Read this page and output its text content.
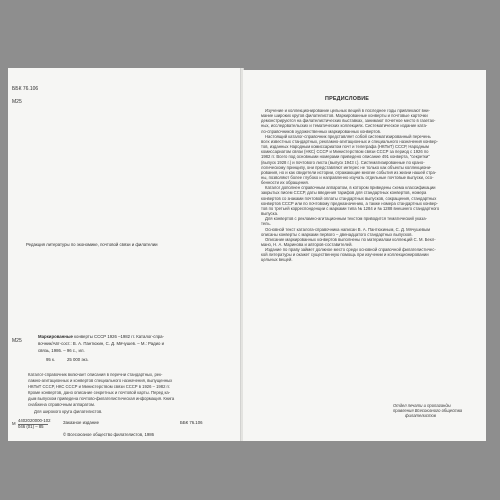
ББК 76.106
М25
Редакция литературы по экономике, почтовой связи и филателии
М25
Маркированные конверты СССР 1926 –1982 гг. Каталог-спра-
вочник/Авт-сост.: В. А. Пантюхин, С. Д. Мячушев. – М.: Радио и
связь, 1986. – 96 с., ил.
95 к.          25 000 экз.
Каталог-справочник включает описания в перечни стандартных, рек-
ламно-агитационных и конвертов специального назначения, выпущенных
НКПиТ СССР, НКС СССР и Министерством связи СССР в 1926 – 1982 гг.
Кроме конвертов, дано описание секретных и почтовой карты. Перед ка-
дым выпуском приведена почтово-филателистическая информация. Книга
снабжена справочным аппаратом.
Для широкого круга филателистов.
М
4402020000-102
046 (01) – 85
Заказное издание	ББК 76.106
© Всесоюзное общество филателистов, 1986
ПРЕДИСЛОВИЕ
Изучение и коллекционирование цельных вещей в последнее годы привлекают вни-
мание широких кругов филателистов. Маркированные конверты и почтовые карточки
демонстрируются на филателистических выставках, занимают почетное место в газетах-
ных, исследовательских и тематических коллекциях. Систематическое издание ката-
ло-справочников художественных маркированных конвертов.
Настоящий каталог-справочник представляет собой систематизированный перечень
всех известных стандартных, рекламно-агитационных и специального назначения конвер-
тов, изданных Народным комиссариатом почт и телеграфа (НКПиТ) СССР, Народным
комиссариатом связи (НКС) СССР и Министерством связи СССР за период с 1926 по
1982 гг. Всего под основными номерами приведено описание 491 конверта, "секретки"
(выпуск 1928 г.) и почтового листа (выпуск 1943 г.). Систематизированные по крано-
логическому принципу, они представляют интерес не только как объекты коллекциони-
рования, но и как свидетели истории, отражающие многие события из жизни нашей стра-
ны, позволяют более глубоко и направленно изучать отдельные почтовые выпуски, осо-
бенности их обращения.
Каталог дополнен справочным аппаратом, в котором приведены схема классификации
закрытых писем СССР, даты введения тарифов для стандартных конвертов, номера
конвертов со знаками почтовой оплаты стандартных выпусков, сокращения, стандартных
конвертов СССР или по почтовому предназначению, а также номера стандартных конвер-
тов по третьей корреспонденции с марками типа № 1284 и № 1288 внешнего стандартного
выпуска.
Для конвертов с рекламно-агитационным текстом приводится тематический указа-
тель.
Основной текст каталога-справочника написан В. А. Пантюхиным, С. Д. Мячушевым
описаны конверты с марками первого – двенадцатого стандартных выпусков.
Описание маркированных конвертов выполнены по материалам коллекций С. М. Бекл-
мано, Н. А. Маринова и авторов-составителей.
Издание по праву займет должное место среди основной справочной филателистичес-
кой литературы и окажет существенную помощь при изучении и коллекционировании
цельных вещей.
Отдел печати и пропаганды
правления Всесоюзного общества
филателистов
